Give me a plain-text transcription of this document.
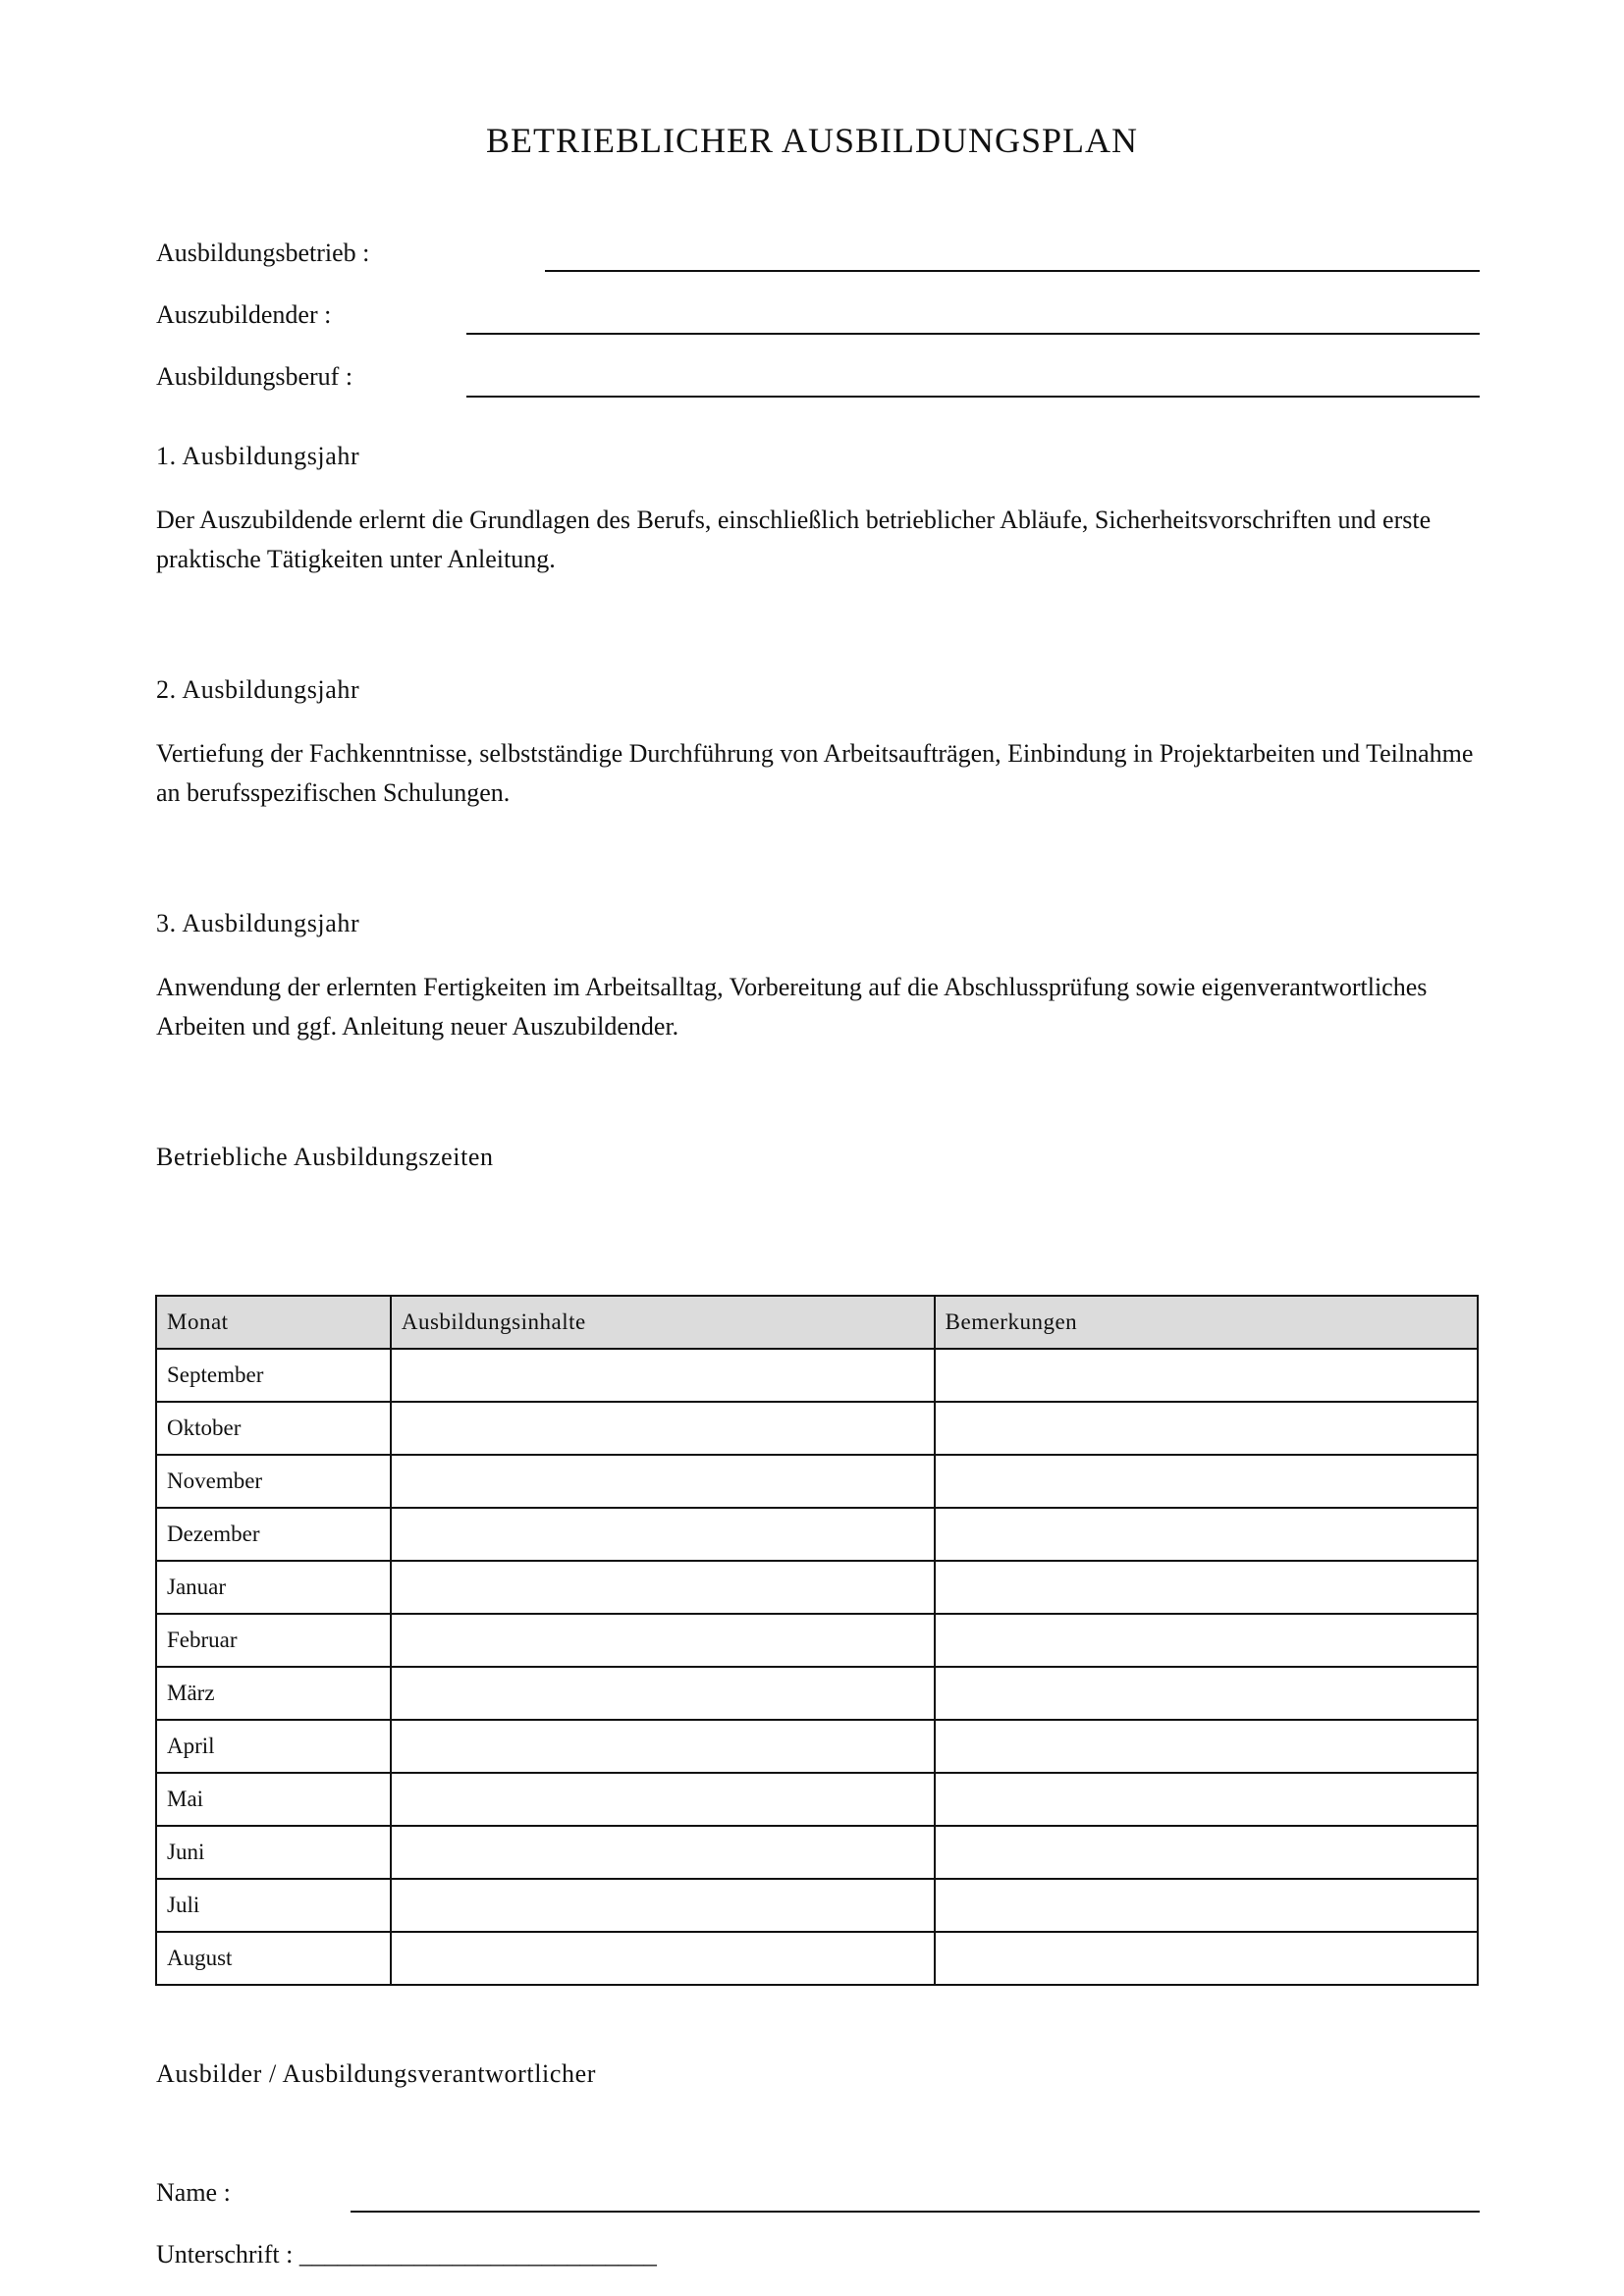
BETRIEBLICHER AUSBILDUNGSPLAN
Ausbildungsbetrieb :
Auszubildender :
Ausbildungsberuf :
1. Ausbildungsjahr
Der Auszubildende erlernt die Grundlagen des Berufs, einschließlich betrieblicher Abläufe, Sicherheitsvorschriften und erste praktische Tätigkeiten unter Anleitung.
2. Ausbildungsjahr
Vertiefung der Fachkenntnisse, selbstständige Durchführung von Arbeitsaufträgen, Einbindung in Projektarbeiten und Teilnahme an berufsspezifischen Schulungen.
3. Ausbildungsjahr
Anwendung der erlernten Fertigkeiten im Arbeitsalltag, Vorbereitung auf die Abschlussprüfung sowie eigenverantwortliches Arbeiten und ggf. Anleitung neuer Auszubildender.
Betriebliche Ausbildungszeiten
Monat	Ausbildungsinhalte	Bemerkungen
September		
Oktober		
November		
Dezember		
Januar		
Februar		
März		
April		
Mai		
Juni		
Juli		
August		
Ausbilder / Ausbildungsverantwortlicher
Name :
Unterschrift : ____________________________
